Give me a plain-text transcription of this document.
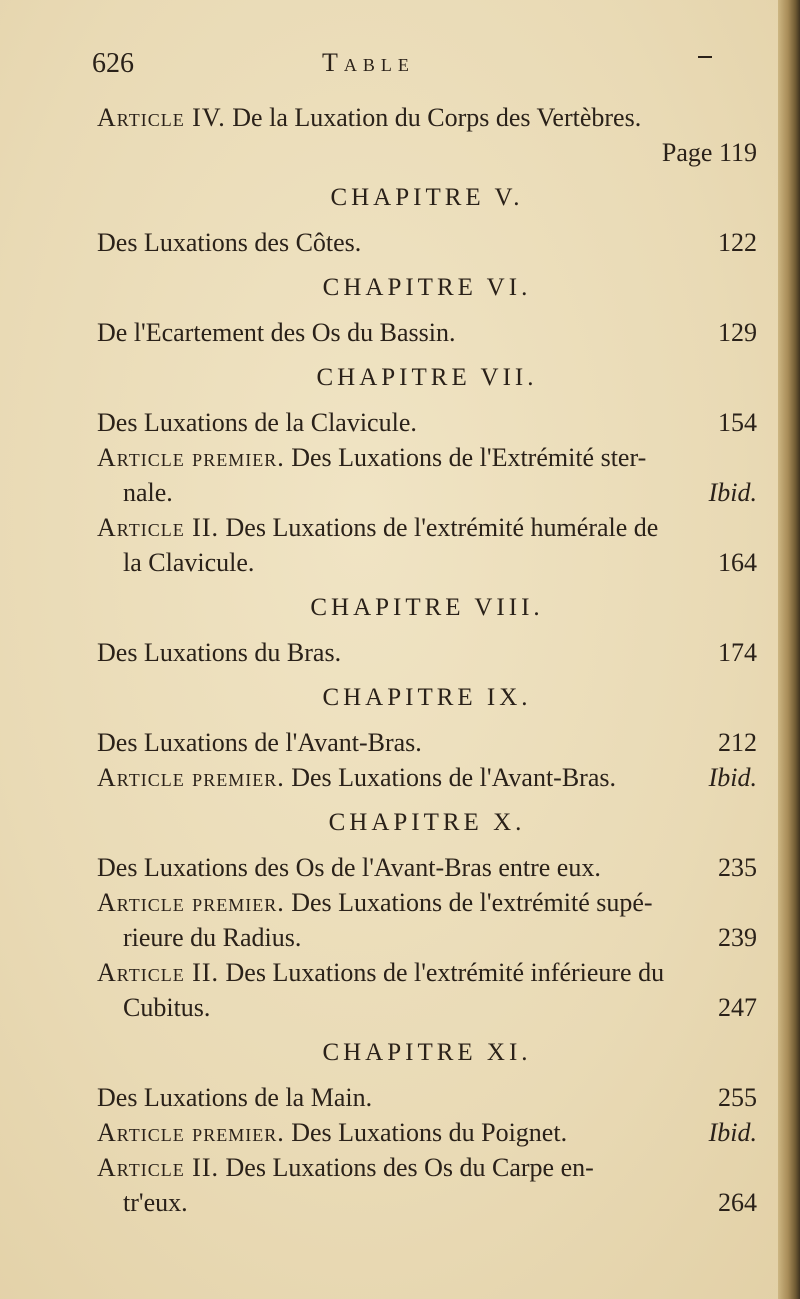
626	Table
Article IV. De la Luxation du Corps des Vertèbres.
Page 119
CHAPITRE V.
Des Luxations des Côtes.	122
CHAPITRE VI.
De l'Ecartement des Os du Bassin.	129
CHAPITRE VII.
Des Luxations de la Clavicule.	154
Article premier. Des Luxations de l'Extrémité ster-
nale.	Ibid.
Article II. Des Luxations de l'extrémité humérale de
la Clavicule.	164
CHAPITRE VIII.
Des Luxations du Bras.	174
CHAPITRE IX.
Des Luxations de l'Avant-Bras.	212
Article premier. Des Luxations de l'Avant-Bras.	Ibid.
CHAPITRE X.
Des Luxations des Os de l'Avant-Bras entre eux.	235
Article premier. Des Luxations de l'extrémité supé-
rieure du Radius.	239
Article II. Des Luxations de l'extrémité inférieure du
Cubitus.	247
CHAPITRE XI.
Des Luxations de la Main.	255
Article premier. Des Luxations du Poignet.	Ibid.
Article II. Des Luxations des Os du Carpe en-
tr'eux.	264
